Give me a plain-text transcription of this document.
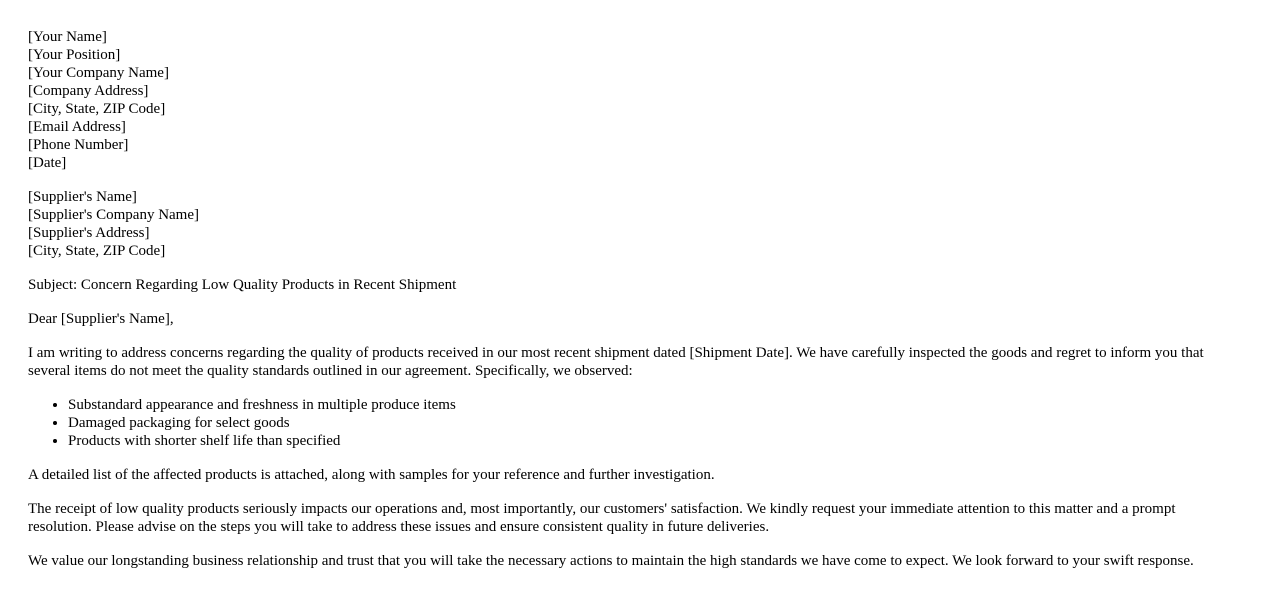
[Your Name]
[Your Position]
[Your Company Name]
[Company Address]
[City, State, ZIP Code]
[Email Address]
[Phone Number]
[Date]
[Supplier's Name]
[Supplier's Company Name]
[Supplier's Address]
[City, State, ZIP Code]

Subject: Concern Regarding Low Quality Products in Recent Shipment

Dear [Supplier's Name],

I am writing to address concerns regarding the quality of products received in our most recent shipment dated [Shipment Date]. We have carefully inspected the goods and regret to inform you that several items do not meet the quality standards outlined in our agreement. Specifically, we observed:

• Substandard appearance and freshness in multiple produce items
• Damaged packaging for select goods
• Products with shorter shelf life than specified

A detailed list of the affected products is attached, along with samples for your reference and further investigation.

The receipt of low quality products seriously impacts our operations and, most importantly, our customers' satisfaction. We kindly request your immediate attention to this matter and a prompt resolution. Please advise on the steps you will take to address these issues and ensure consistent quality in future deliveries.

We value our longstanding business relationship and trust that you will take the necessary actions to maintain the high standards we have come to expect. We look forward to your swift response.
